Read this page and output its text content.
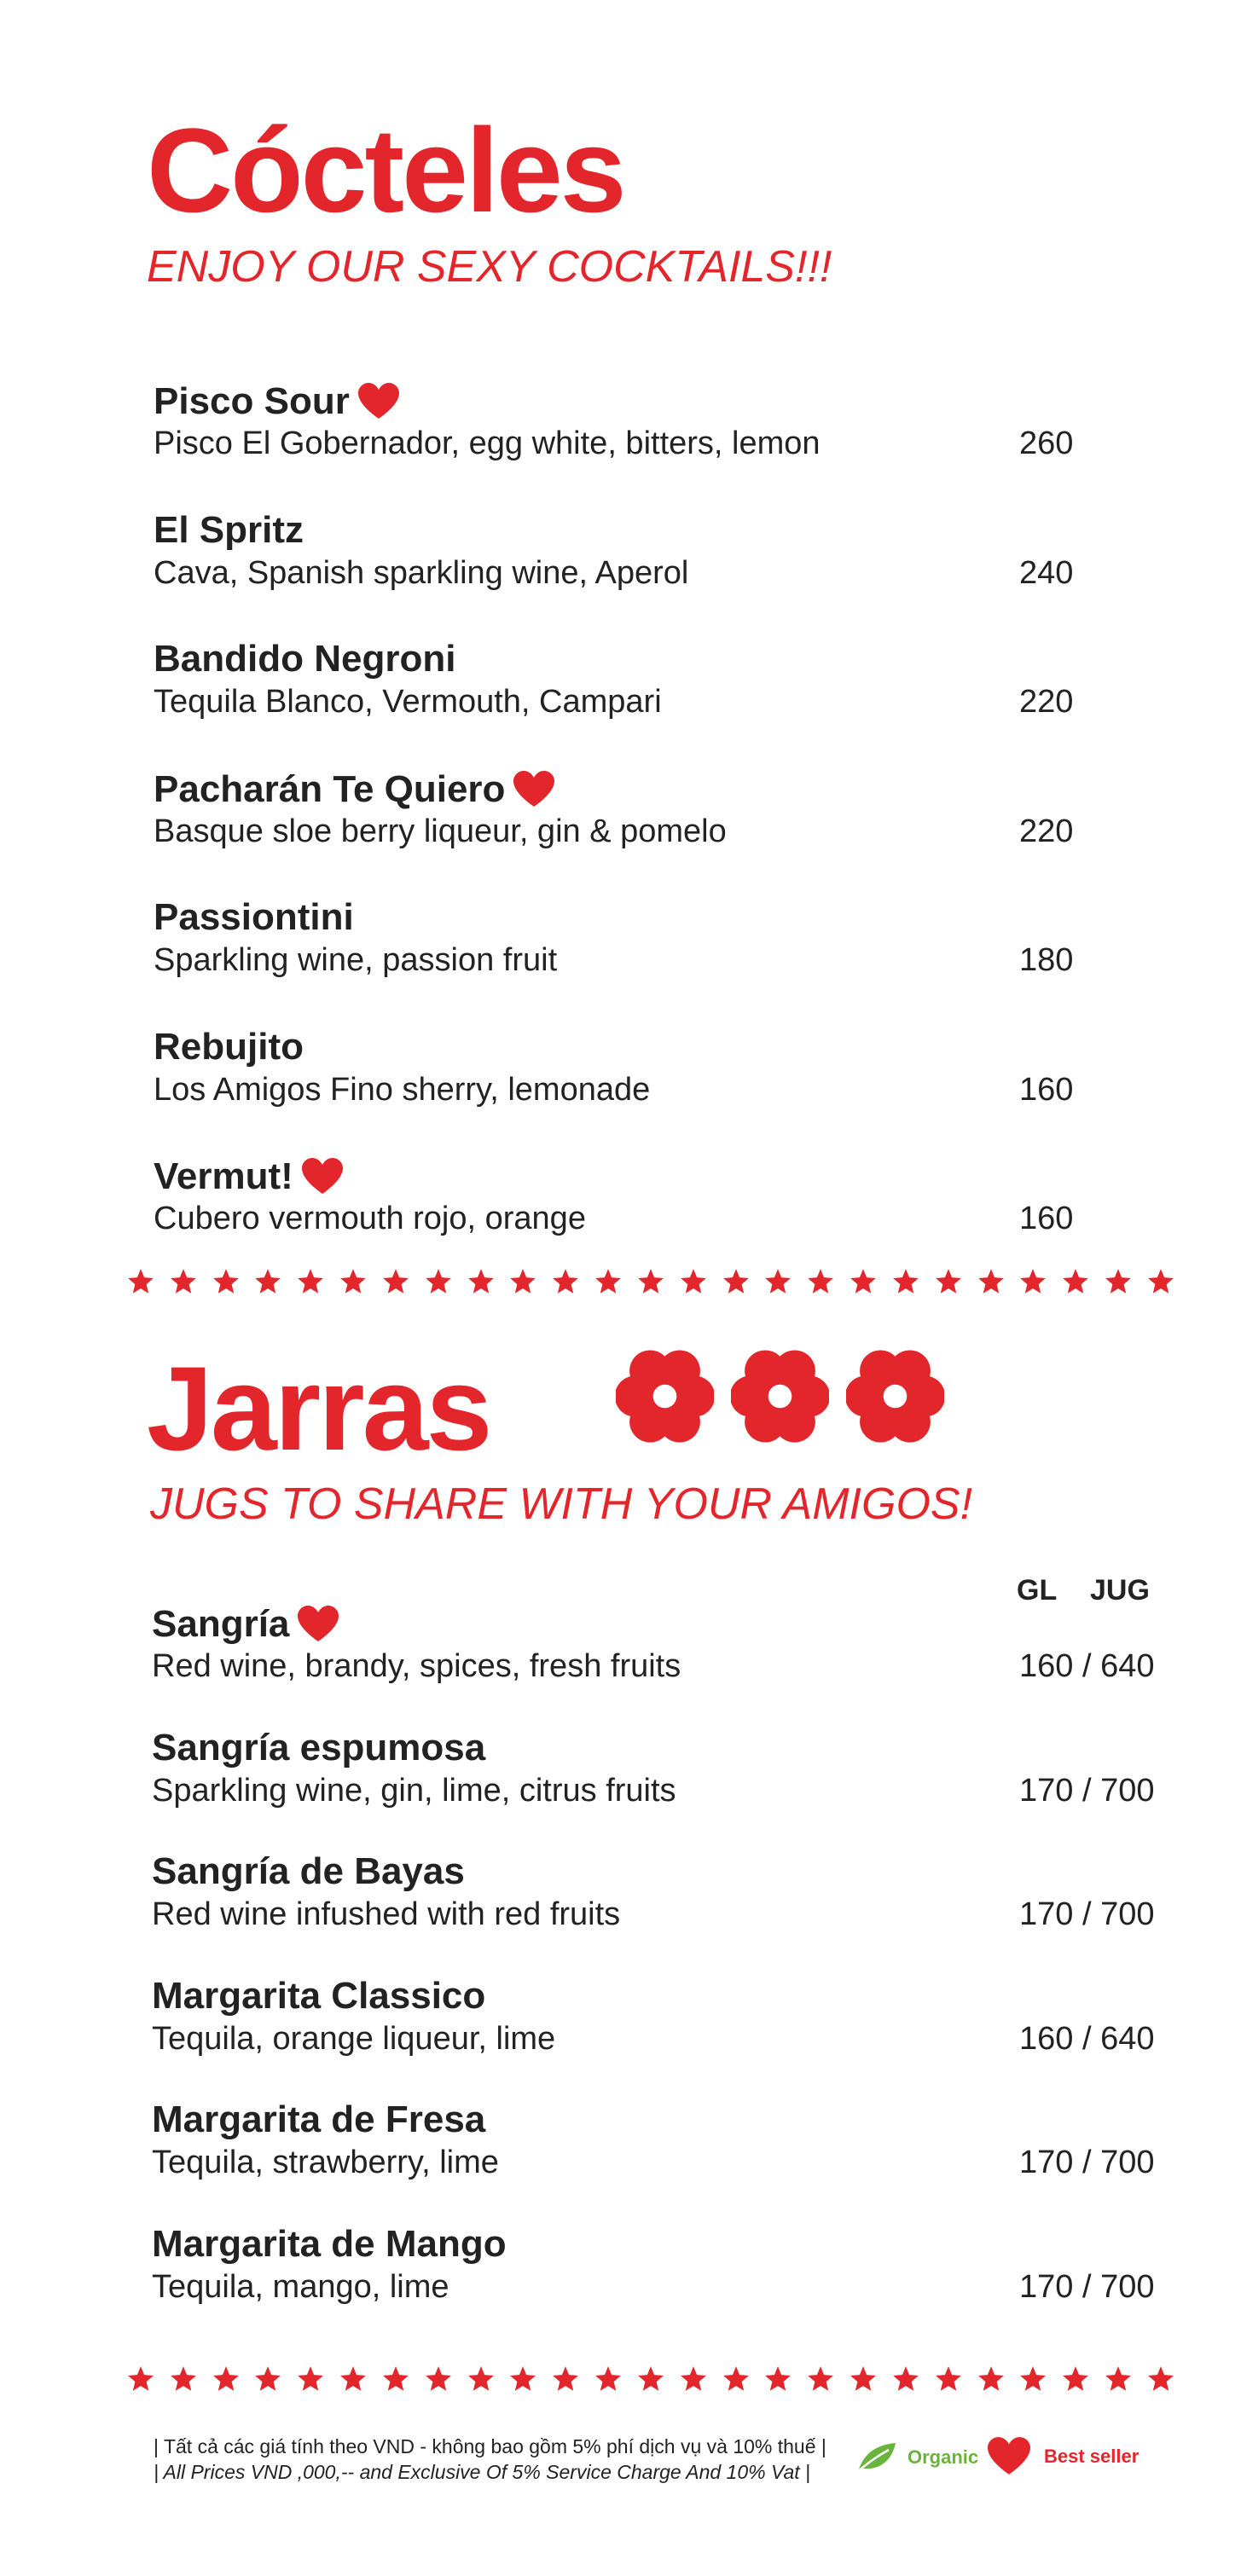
Cócteles
ENJOY OUR SEXY COCKTAILS!!!
Pisco Sour
Pisco El Gobernador, egg white, bitters, lemon	260
El Spritz
Cava, Spanish sparkling wine, Aperol	240
Bandido Negroni
Tequila Blanco, Vermouth, Campari	220
Pacharán Te Quiero
Basque sloe berry liqueur, gin & pomelo	220
Passiontini
Sparkling wine, passion fruit	180
Rebujito
Los Amigos Fino sherry, lemonade	160
Vermut!
Cubero vermouth rojo, orange	160
Jarras
JUGS TO SHARE WITH YOUR AMIGOS!
GL JUG
Sangría
Red wine, brandy, spices, fresh fruits	160 / 640
Sangría espumosa
Sparkling wine, gin, lime, citrus fruits	170 / 700
Sangría de Bayas
Red wine infushed with red fruits	170 / 700
Margarita Classico
Tequila, orange liqueur, lime	160 / 640
Margarita de Fresa
Tequila, strawberry, lime	170 / 700
Margarita de Mango
Tequila, mango, lime	170 / 700
| Tất cả các giá tính theo VND - không bao gồm 5% phí dịch vụ và 10% thuế |
| All Prices VND ,000,-- and Exclusive Of 5% Service Charge And 10% Vat |
Organic	Best seller
